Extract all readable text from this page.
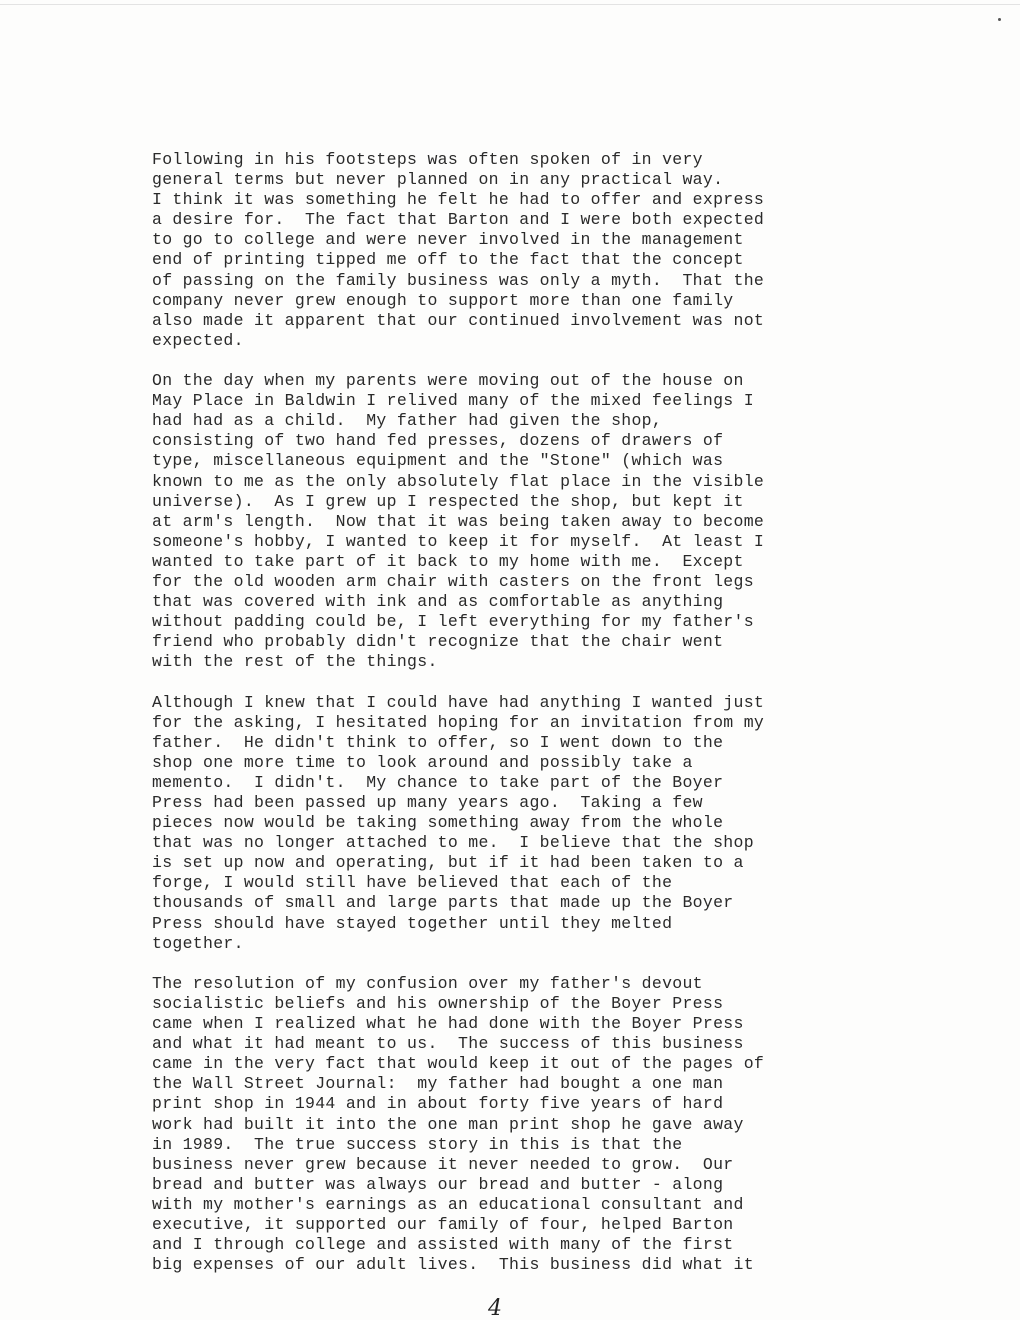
Following in his footsteps was often spoken of in very
general terms but never planned on in any practical way.
I think it was something he felt he had to offer and express
a desire for.  The fact that Barton and I were both expected
to go to college and were never involved in the management
end of printing tipped me off to the fact that the concept
of passing on the family business was only a myth.  That the
company never grew enough to support more than one family
also made it apparent that our continued involvement was not
expected.
On the day when my parents were moving out of the house on
May Place in Baldwin I relived many of the mixed feelings I
had had as a child.  My father had given the shop,
consisting of two hand fed presses, dozens of drawers of
type, miscellaneous equipment and the "Stone" (which was
known to me as the only absolutely flat place in the visible
universe).  As I grew up I respected the shop, but kept it
at arm's length.  Now that it was being taken away to become
someone's hobby, I wanted to keep it for myself.  At least I
wanted to take part of it back to my home with me.  Except
for the old wooden arm chair with casters on the front legs
that was covered with ink and as comfortable as anything
without padding could be, I left everything for my father's
friend who probably didn't recognize that the chair went
with the rest of the things.
Although I knew that I could have had anything I wanted just
for the asking, I hesitated hoping for an invitation from my
father.  He didn't think to offer, so I went down to the
shop one more time to look around and possibly take a
memento.  I didn't.  My chance to take part of the Boyer
Press had been passed up many years ago.  Taking a few
pieces now would be taking something away from the whole
that was no longer attached to me.  I believe that the shop
is set up now and operating, but if it had been taken to a
forge, I would still have believed that each of the
thousands of small and large parts that made up the Boyer
Press should have stayed together until they melted
together.
The resolution of my confusion over my father's devout
socialistic beliefs and his ownership of the Boyer Press
came when I realized what he had done with the Boyer Press
and what it had meant to us.  The success of this business
came in the very fact that would keep it out of the pages of
the Wall Street Journal:  my father had bought a one man
print shop in 1944 and in about forty five years of hard
work had built it into the one man print shop he gave away
in 1989.  The true success story in this is that the
business never grew because it never needed to grow.  Our
bread and butter was always our bread and butter - along
with my mother's earnings as an educational consultant and
executive, it supported our family of four, helped Barton
and I through college and assisted with many of the first
big expenses of our adult lives.  This business did what it
4
